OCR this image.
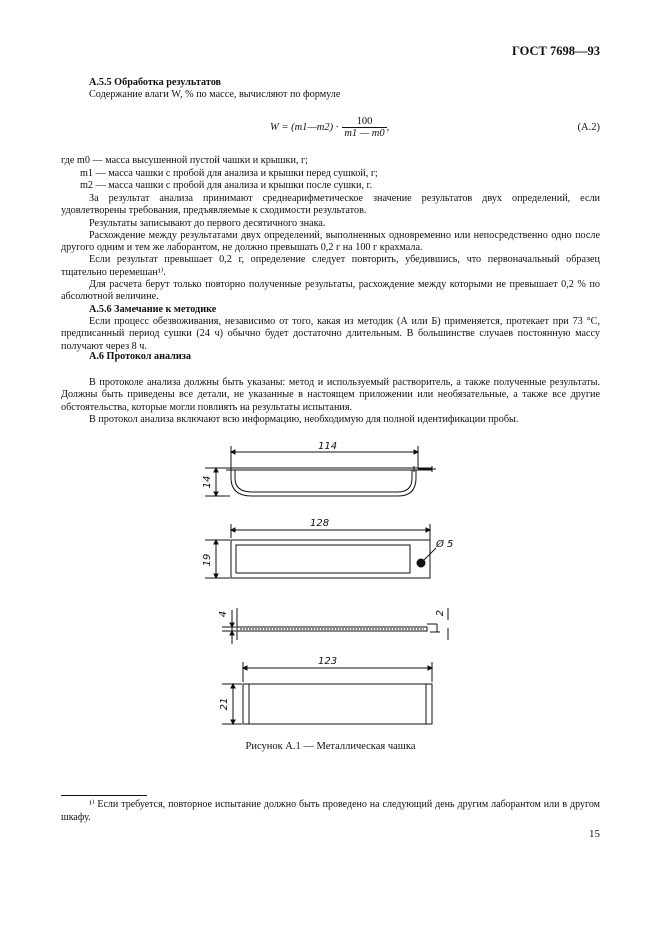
ГОСТ 7698—93

А.5.5 Обработка результатов

Содержание влаги W, % по массе, вычисляют по формуле

W = (m1—m2) · $\frac{100}{m1 — m0}$ ,	(А.2)
где m0 — масса высушенной пустой чашки и крышки, г;
m1 — масса чашки с пробой для анализа и крышки перед сушкой, г;
m2 — масса чашки с пробой для анализа и крышки после сушки, г.

За результат анализа принимают среднеарифметическое значение результатов двух определений, если удовлетворены требования, предъявляемые к сходимости результатов.

Результаты записывают до первого десятичного знака.

Расхождение между результатами двух определений, выполненных одновременно или непосредственно одно после другого одним и тем же лаборантом, не должно превышать 0,2 г на 100 г крахмала.

Если результат превышает 0,2 г, определение следует повторить, убедившись, что первоначальный образец тщательно перемешан¹⁾.

Для расчета берут только повторно полученные результаты, расхождение между которыми не превышает 0,2 % по абсолютной величине.

А.5.6 Замечание к методике

Если процесс обезвоживания, независимо от того, какая из методик (А или Б) применяется, протекает при 73 °С, предписанный период сушки (24 ч) обычно будет достаточно длительным. В большинстве случаев постоянную массу получают через 8 ч.

А.6 Протокол анализа

В протоколе анализа должны быть указаны: метод и используемый растворитель, а также полученные результаты. Должны быть приведены все детали, не указанные в настоящем приложении или необязательные, а также все другие обстоятельства, которые могли повлиять на результаты испытания.

В протокол анализа включают всю информацию, необходимую для полной идентификации пробы.

114
14
128
Ø 5
19
2
4
123
21
Рисунок А.1 — Металлическая чашка

¹⁾ Если требуется, повторное испытание должно быть проведено на следующий день другим лаборантом или в другом шкафу.

15
